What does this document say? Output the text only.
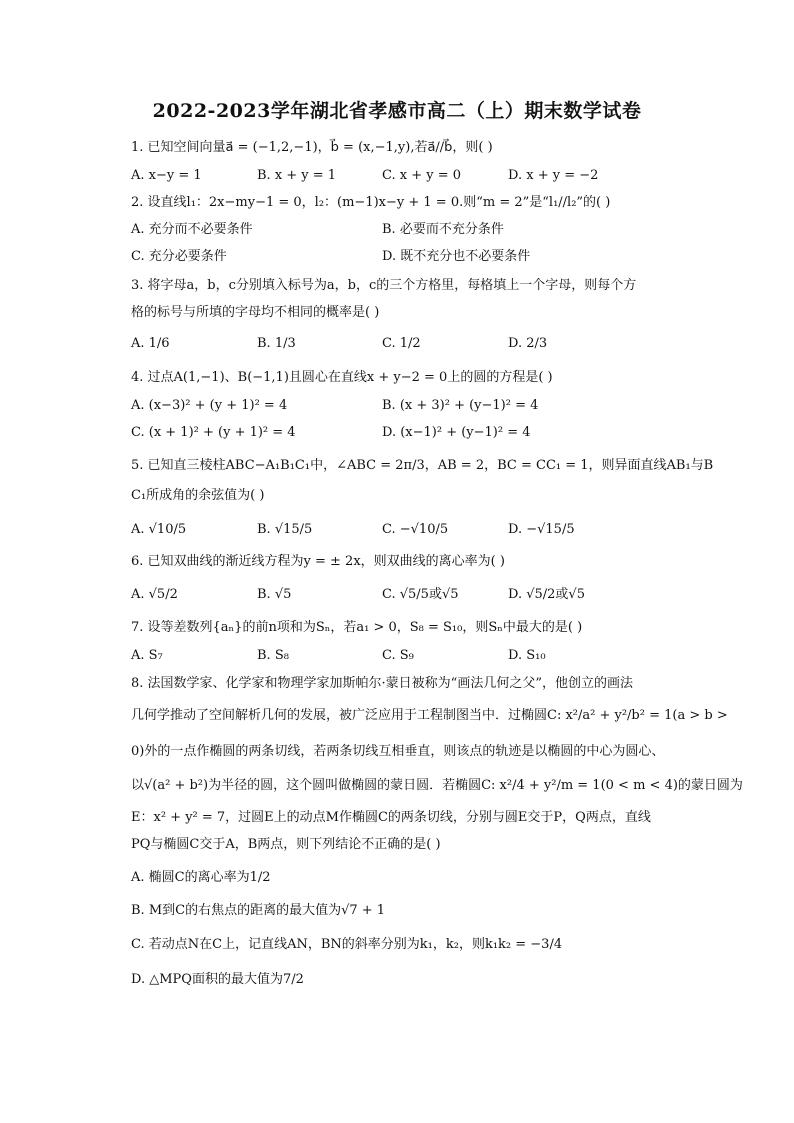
2022-2023学年湖北省孝感市高二（上）期末数学试卷
1. 已知空间向量a⃗ = (−1,2,−1)，b⃗ = (x,−1,y),若a⃗//b⃗，则( )
A. x−y = 1	B. x + y = 1	C. x + y = 0	D. x + y = −2
2. 设直线l₁：2x−my−1 = 0，l₂：(m−1)x−y + 1 = 0.则“m = 2”是“l₁//l₂”的( )
A. 充分而不必要条件	B. 必要而不充分条件
C. 充分必要条件	D. 既不充分也不必要条件
3. 将字母a，b，c分别填入标号为a，b，c的三个方格里，每格填上一个字母，则每个方
格的标号与所填的字母均不相同的概率是( )
A. 1/6	B. 1/3	C. 1/2	D. 2/3
4. 过点A(1,−1)、B(−1,1)且圆心在直线x + y−2 = 0上的圆的方程是( )
A. (x−3)² + (y + 1)² = 4	B. (x + 3)² + (y−1)² = 4
C. (x + 1)² + (y + 1)² = 4	D. (x−1)² + (y−1)² = 4
5. 已知直三棱柱ABC−A₁B₁C₁中，∠ABC = 2π/3，AB = 2，BC = CC₁ = 1，则异面直线AB₁与B
C₁所成角的余弦值为( )
A. √10/5	B. √15/5	C. −√10/5	D. −√15/5
6. 已知双曲线的渐近线方程为y = ± 2x，则双曲线的离心率为( )
A. √5/2	B. √5	C. √5/5或√5	D. √5/2或√5
7. 设等差数列{aₙ}的前n项和为Sₙ，若a₁ > 0，S₈ = S₁₀，则Sₙ中最大的是( )
A. S₇	B. S₈	C. S₉	D. S₁₀
8. 法国数学家、化学家和物理学家加斯帕尔·蒙日被称为“画法几何之父”，他创立的画法
几何学推动了空间解析几何的发展，被广泛应用于工程制图当中．过椭圆C: x²/a² + y²/b² = 1(a > b >
0)外的一点作椭圆的两条切线，若两条切线互相垂直，则该点的轨迹是以椭圆的中心为圆心、
以√(a² + b²)为半径的圆，这个圆叫做椭圆的蒙日圆．若椭圆C: x²/4 + y²/m = 1(0 < m < 4)的蒙日圆为
E：x² + y² = 7，过圆E上的动点M作椭圆C的两条切线，分别与圆E交于P，Q两点，直线
PQ与椭圆C交于A，B两点，则下列结论不正确的是( )
A. 椭圆C的离心率为1/2
B. M到C的右焦点的距离的最大值为√7 + 1
C. 若动点N在C上，记直线AN，BN的斜率分别为k₁，k₂，则k₁k₂ = −3/4
D. △MPQ面积的最大值为7/2
